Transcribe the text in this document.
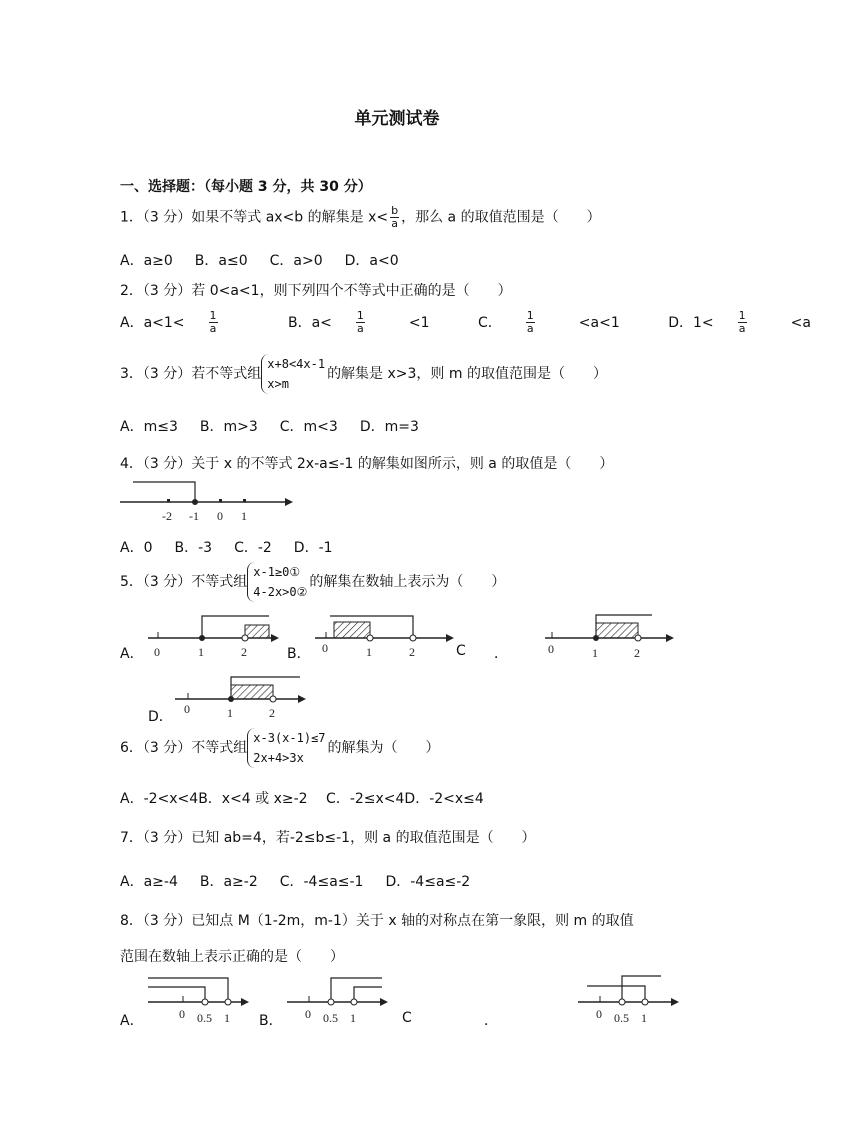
单元测试卷
一、选择题：（每小题 3 分，共 30 分）
1．（3 分）如果不等式 ax<b 的解集是 $x< \frac{b}{a}$ ，那么 a 的取值范围是（　　）
A．a≥0 B．a≤0 C．a>0 D．a<0
2．（3 分）若 0<a<1，则下列四个不等式中正确的是（　　）
A．$a<1< \frac{1}{a}$	B．$a< \frac{1}{a} <1$	C． $\frac{1}{a} <a<1$	D．$1< \frac{1}{a} <a$
3．（3 分）若不等式组
x+8<4x-1
x>m
的解集是 x>3，则 m 的取值范围是（　　）
A．m≤3 B．m>3 C．m<3 D．m=3
4．（3 分）关于 x 的不等式 2x-a≤-1 的解集如图所示，则 a 的取值是（　　）
-2 -1 0 1
A．0 B．-3 C．-2 D．-1
5．（3 分）不等式组
x-1≥0①
4-2x>0②
的解集在数轴上表示为（　　）
A． 0	1	2	B． 0	1	2	C ．	0	1	2
D． 0	1	2
6．（3 分）不等式组
x-3(x-1)≤7
2x+4>3x
的解集为（　　）
A．-2<x<4B．x<4 或 x≥-2　 C．-2≤x<4D．-2<x≤4
7．（3 分）已知 ab=4，若-2≤b≤-1，则 a 的取值范围是（　　）
A．a≥-4 B．a≥-2 C．-4≤a≤-1 D．-4≤a≤-2
8．（3 分）已知点 M（1-2m，m-1）关于 x 轴的对称点在第一象限，则 m 的取值
范围在数轴上表示正确的是（　　）
A．	0 0.5 1 B． 0 0.5 1	C	．	0 0.5 1
